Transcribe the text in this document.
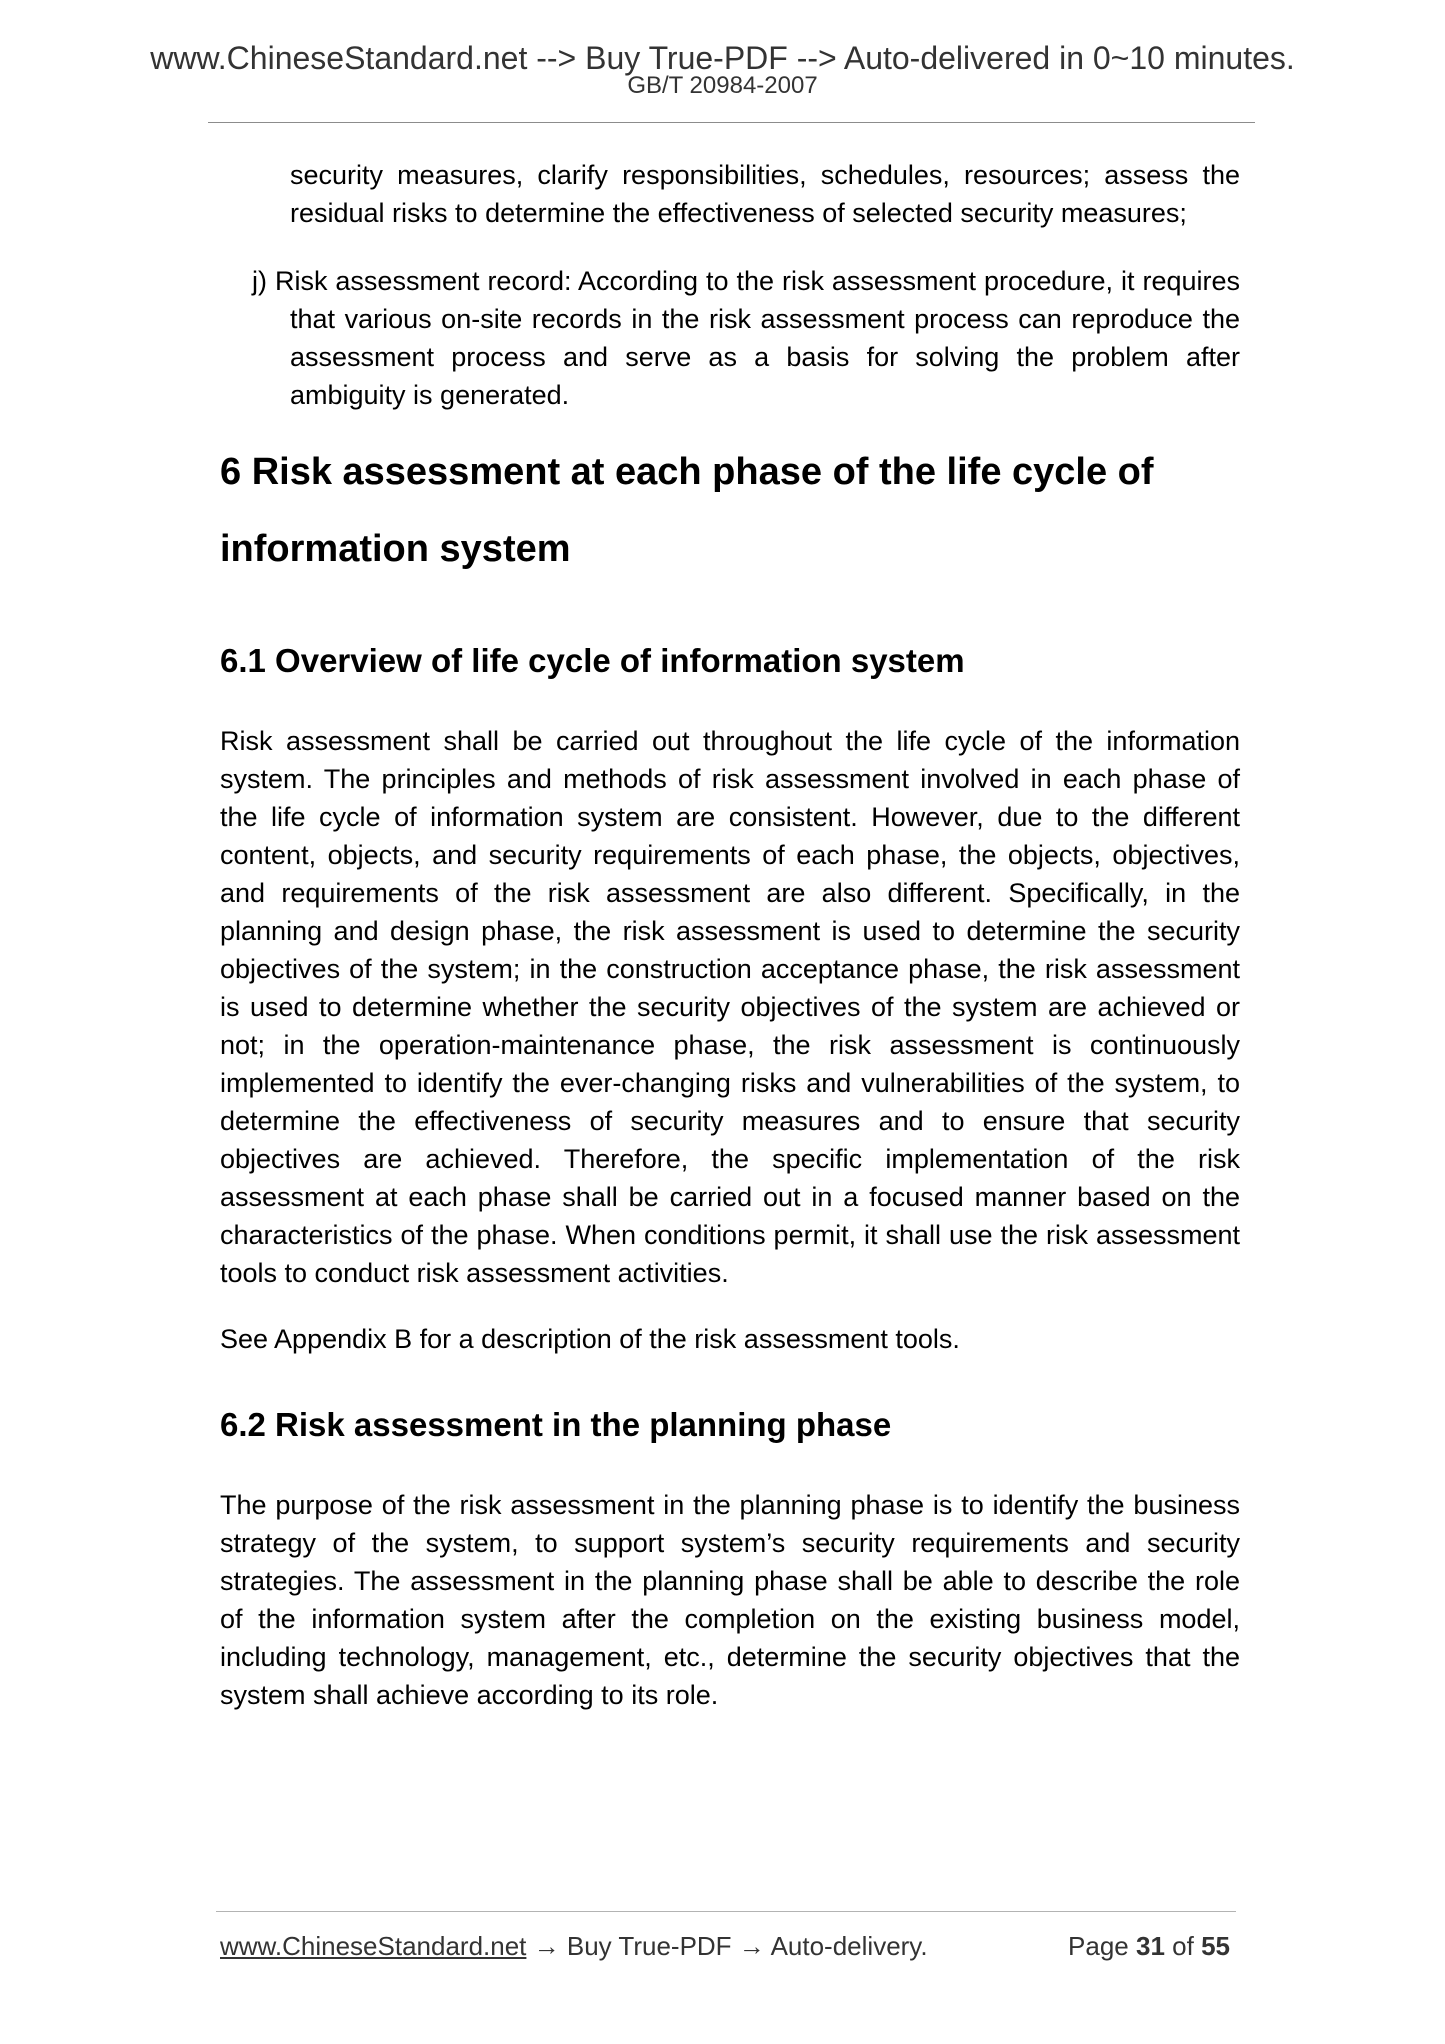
www.ChineseStandard.net --> Buy True-PDF --> Auto-delivered in 0~10 minutes.
GB/T 20984-2007

security measures, clarify responsibilities, schedules, resources; assess the residual risks to determine the effectiveness of selected security measures;

j) Risk assessment record: According to the risk assessment procedure, it requires that various on-site records in the risk assessment process can reproduce the assessment process and serve as a basis for solving the problem after ambiguity is generated.

6 Risk assessment at each phase of the life cycle of information system
6.1 Overview of life cycle of information system

Risk assessment shall be carried out throughout the life cycle of the information system. The principles and methods of risk assessment involved in each phase of the life cycle of information system are consistent. However, due to the different content, objects, and security requirements of each phase, the objects, objectives, and requirements of the risk assessment are also different. Specifically, in the planning and design phase, the risk assessment is used to determine the security objectives of the system; in the construction acceptance phase, the risk assessment is used to determine whether the security objectives of the system are achieved or not; in the operation-maintenance phase, the risk assessment is continuously implemented to identify the ever-changing risks and vulnerabilities of the system, to determine the effectiveness of security measures and to ensure that security objectives are achieved. Therefore, the specific implementation of the risk assessment at each phase shall be carried out in a focused manner based on the characteristics of the phase. When conditions permit, it shall use the risk assessment tools to conduct risk assessment activities.

See Appendix B for a description of the risk assessment tools.

6.2 Risk assessment in the planning phase

The purpose of the risk assessment in the planning phase is to identify the business strategy of the system, to support system’s security requirements and security strategies. The assessment in the planning phase shall be able to describe the role of the information system after the completion on the existing business model, including technology, management, etc., determine the security objectives that the system shall achieve according to its role.

www.ChineseStandard.net → Buy True-PDF → Auto-delivery.	Page 31 of 55
